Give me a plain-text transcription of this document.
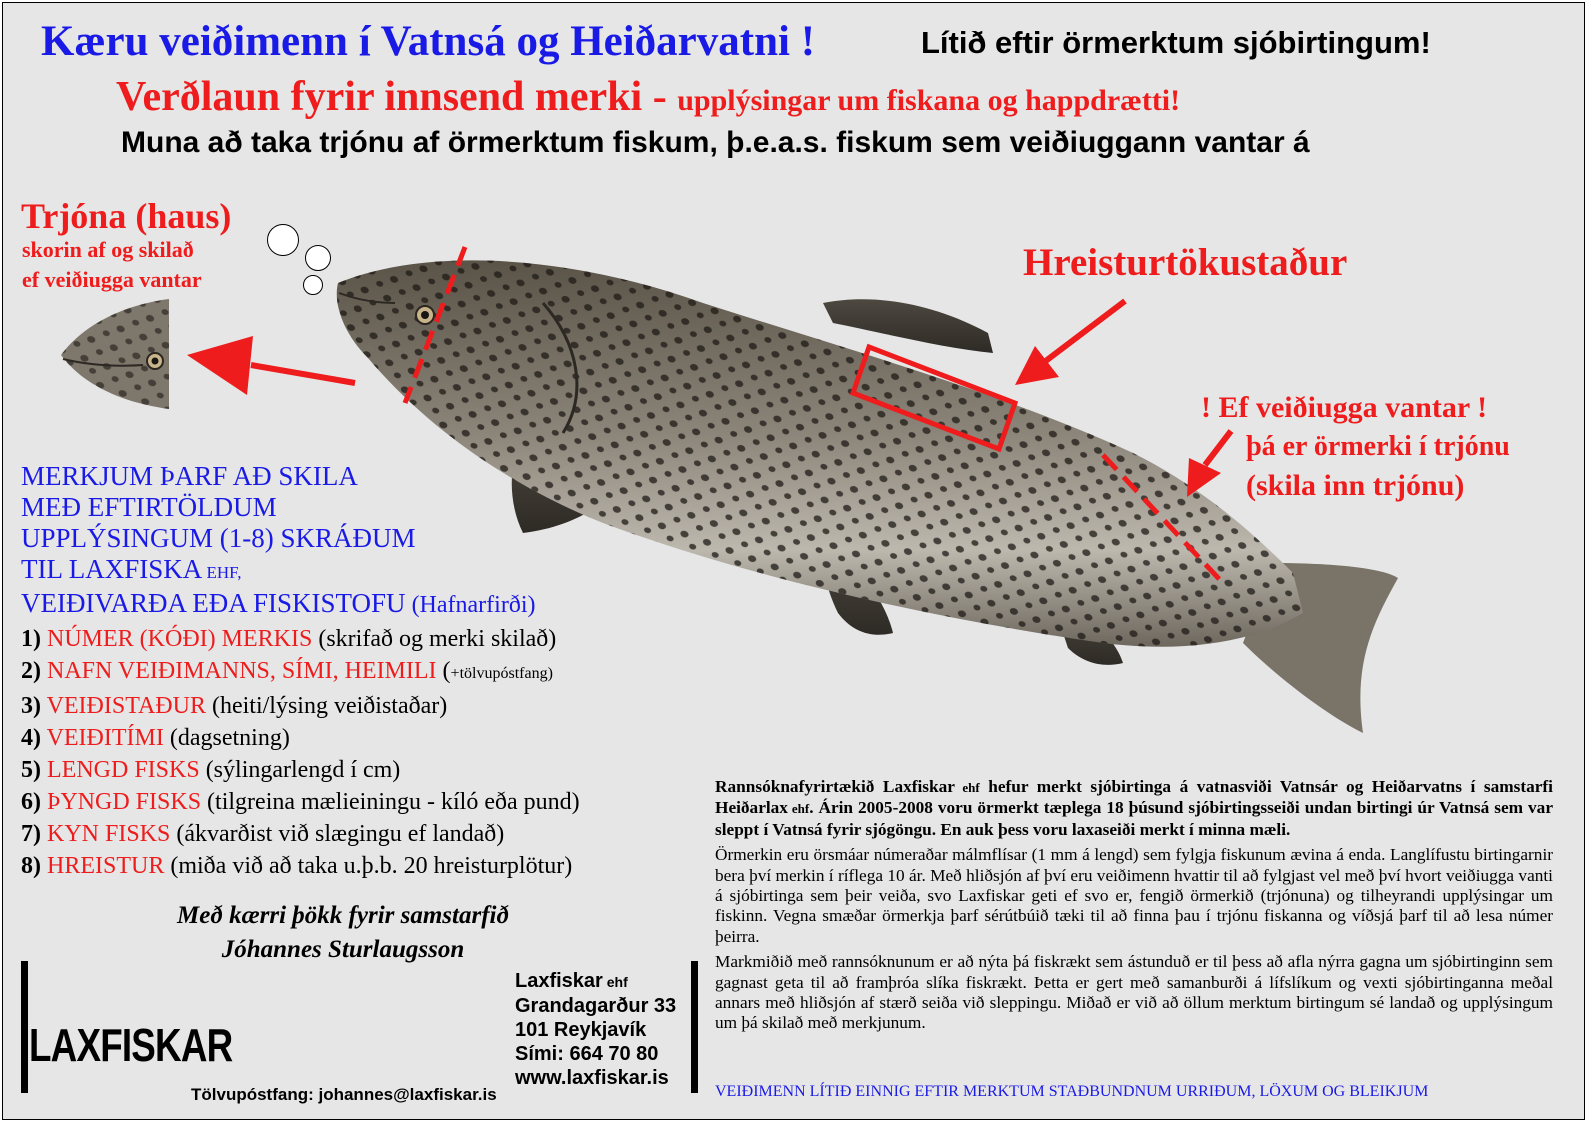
Kæru veiðimenn í Vatnsá og Heiðarvatni !	Lítið eftir örmerktum sjóbirtingum!
Verðlaun fyrir innsend merki - upplýsingar um fiskana og happdrætti!
Muna að taka trjónu af örmerktum fiskum, þ.e.a.s. fiskum sem veiðiuggann vantar á
Trjóna (haus)
skorin af og skilað
ef veiðiugga vantar	Hreisturtökustaður
! Ef veiðiugga vantar !
þá er örmerki í trjónu
(skila inn trjónu)
MERKJUM ÞARF AÐ SKILA
MEÐ EFTIRTÖLDUM
UPPLÝSINGUM (1-8) SKRÁÐUM
TIL LAXFISKA EHF,
VEIÐIVARÐA EÐA FISKISTOFU (Hafnarfirði)
1) NÚMER (KÓÐI) MERKIS (skrifað og merki skilað)
2) NAFN VEIÐIMANNS, SÍMI, HEIMILI (+tölvupóstfang)
3) VEIÐISTAÐUR (heiti/lýsing veiðistaðar)
4) VEIÐITÍMI (dagsetning)
5) LENGD FISKS (sýlingarlengd í cm)
6) ÞYNGD FISKS (tilgreina mælieiningu - kíló eða pund)
7) KYN FISKS (ákvarðist við slægingu ef landað)
8) HREISTUR (miða við að taka u.þ.b. 20 hreisturplötur)
Með kærri þökk fyrir samstarfið
Jóhannes Sturlaugsson
LAXFISKAR
Tölvupóstfang: johannes@laxfiskar.is
Laxfiskar ehf
Grandagarður 33
101 Reykjavík
Sími: 664 70 80
www.laxfiskar.is

Rannsóknafyrirtækið Laxfiskar ehf hefur merkt sjóbirtinga á vatnasviði Vatnsár og Heiðarvatns í samstarfi Heiðarlax ehf. Árin 2005-2008 voru örmerkt tæplega 18 þúsund sjóbirtingsseiði undan birtingi úr Vatnsá sem var sleppt í Vatnsá fyrir sjógöngu. En auk þess voru laxaseiði merkt í minna mæli.

Örmerkin eru örsmáar númeraðar málmflísar (1 mm á lengd) sem fylgja fiskunum ævina á enda. Langlífustu birtingarnir bera því merkin í ríflega 10 ár. Með hliðsjón af því eru veiðimenn hvattir til að fylgjast vel með því hvort veiðiugga vanti á sjóbirtinga sem þeir veiða, svo Laxfiskar geti ef svo er, fengið örmerkið (trjónuna) og tilheyrandi upplýsingar um fiskinn. Vegna smæðar örmerkja þarf sérútbúið tæki til að finna þau í trjónu fiskanna og víðsjá þarf til að lesa númer þeirra.

Markmiðið með rannsóknunum er að nýta þá fiskrækt sem ástunduð er til þess að afla nýrra gagna um sjóbirtinginn sem gagnast geta til að framþróa slíka fiskrækt. Þetta er gert með samanburði á lífslíkum og vexti sjóbirtinganna meðal annars með hliðsjón af stærð seiða við sleppingu. Miðað er við að öllum merktum birtingum sé landað og upplýsingum um þá skilað með merkjunum.

VEIÐIMENN LÍTIÐ EINNIG EFTIR MERKTUM STAÐBUNDNUM URRIÐUM, LÖXUM OG BLEIKJUM
